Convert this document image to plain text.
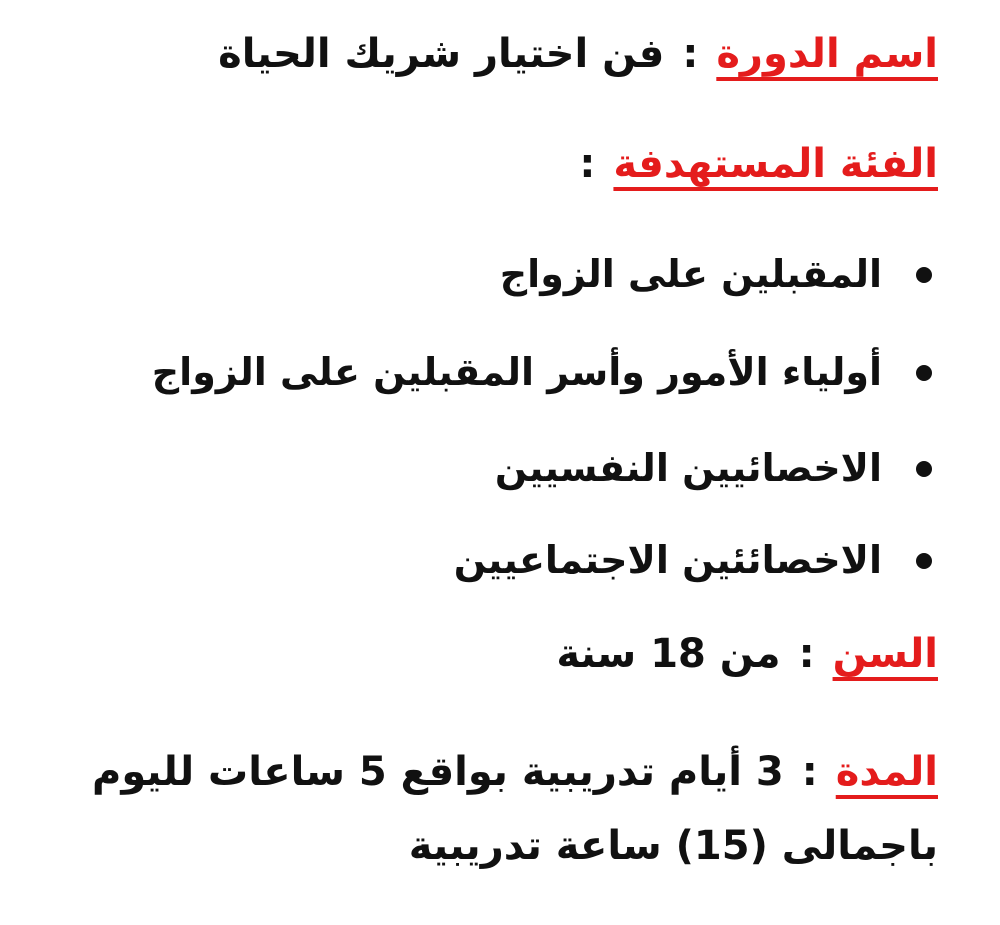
اسم الدورة:فن اختيار شريك الحياة
الفئة المستهدفة:
المقبلين على الزواج
أولياء الأمور وأسر المقبلين على الزواج
الاخصائيين النفسيين
الاخصائئين الاجتماعيين
السن:من 18 سنة
المدة:3 أيام تدريبية بواقع 5 ساعات لليوم
باجمالى (15) ساعة تدريبية
